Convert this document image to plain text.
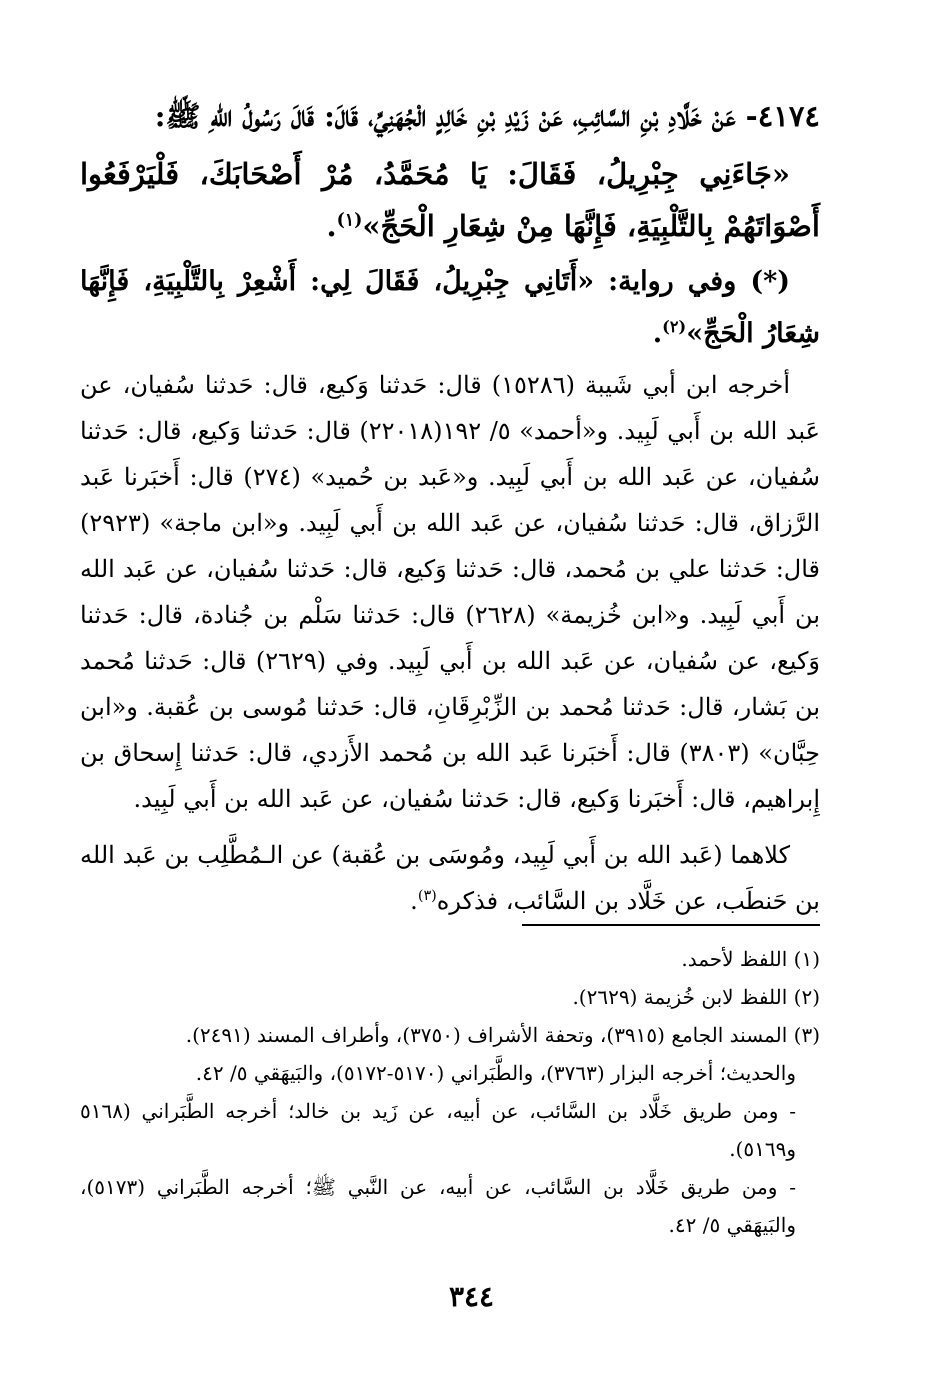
٤١٧٤- عَنْ خَلَّادِ بْنِ السَّائِبِ، عَنْ زَيْدِ بْنِ خَالِدٍ الْجُهَنِيِّ، قَالَ: قَالَ رَسُولُ اللهِ ﷺ:

«جَاءَنِي جِبْرِيلُ، فَقَالَ: يَا مُحَمَّدُ، مُرْ أَصْحَابَكَ، فَلْيَرْفَعُوا أَصْوَاتَهُمْ بِالتَّلْبِيَةِ، فَإِنَّهَا مِنْ شِعَارِ الْحَجِّ»$^{(١)}$.

(*) وفي رواية: «أَتَانِي جِبْرِيلُ، فَقَالَ لِي: أَشْعِرْ بِالتَّلْبِيَةِ، فَإِنَّهَا شِعَارُ الْحَجِّ»$^{(٢)}$.

أخرجه ابن أبي شَيبة (١٥٢٨٦) قال: حَدثنا وَكيع، قال: حَدثنا سُفيان، عن عَبد الله بن أَبي لَبِيد. و«أحمد» ٥/ ١٩٢(٢٢٠١٨) قال: حَدثنا وَكيع، قال: حَدثنا سُفيان، عن عَبد الله بن أَبي لَبِيد. و«عَبد بن حُميد» (٢٧٤) قال: أَخبَرنا عَبد الرَّزاق، قال: حَدثنا سُفيان، عن عَبد الله بن أَبي لَبِيد. و«ابن ماجة» (٢٩٢٣) قال: حَدثنا علي بن مُحمد، قال: حَدثنا وَكيع، قال: حَدثنا سُفيان، عن عَبد الله بن أَبي لَبِيد. و«ابن خُزيمة» (٢٦٢٨) قال: حَدثنا سَلْم بن جُنادة، قال: حَدثنا وَكيع، عن سُفيان، عن عَبد الله بن أَبي لَبِيد. وفي (٢٦٢٩) قال: حَدثنا مُحمد بن بَشار، قال: حَدثنا مُحمد بن الزِّبْرِقَانِ، قال: حَدثنا مُوسى بن عُقبة. و«ابن حِبَّان» (٣٨٠٣) قال: أَخبَرنا عَبد الله بن مُحمد الأَزدي، قال: حَدثنا إِسحاق بن إِبراهيم، قال: أَخبَرنا وَكيع، قال: حَدثنا سُفيان، عن عَبد الله بن أَبي لَبِيد.

كلاهما (عَبد الله بن أَبي لَبِيد، ومُوسَى بن عُقبة) عن الـمُطَّلِب بن عَبد الله بن حَنطَب، عن خَلَّاد بن السَّائب، فذكره$^{(٣)}$.

(١) اللفظ لأحمد.

(٢) اللفظ لابن خُزيمة (٢٦٢٩).

(٣) المسند الجامع (٣٩١٥)، وتحفة الأشراف (٣٧٥٠)، وأطراف المسند (٢٤٩١).

والحديث؛ أخرجه البزار (٣٧٦٣)، والطَّبَراني (٥١٧٠-٥١٧٢)، والبَيهَقي ٥/ ٤٢.

- ومن طريق خَلَّاد بن السَّائب، عن أبيه، عن زَيد بن خالد؛ أخرجه الطَّبَراني (٥١٦٨ و٥١٦٩).

- ومن طريق خَلَّاد بن السَّائب، عن أبيه، عن النَّبي ﷺ؛ أخرجه الطَّبَراني (٥١٧٣)، والبَيهَقي ٥/ ٤٢.

٣٤٤
